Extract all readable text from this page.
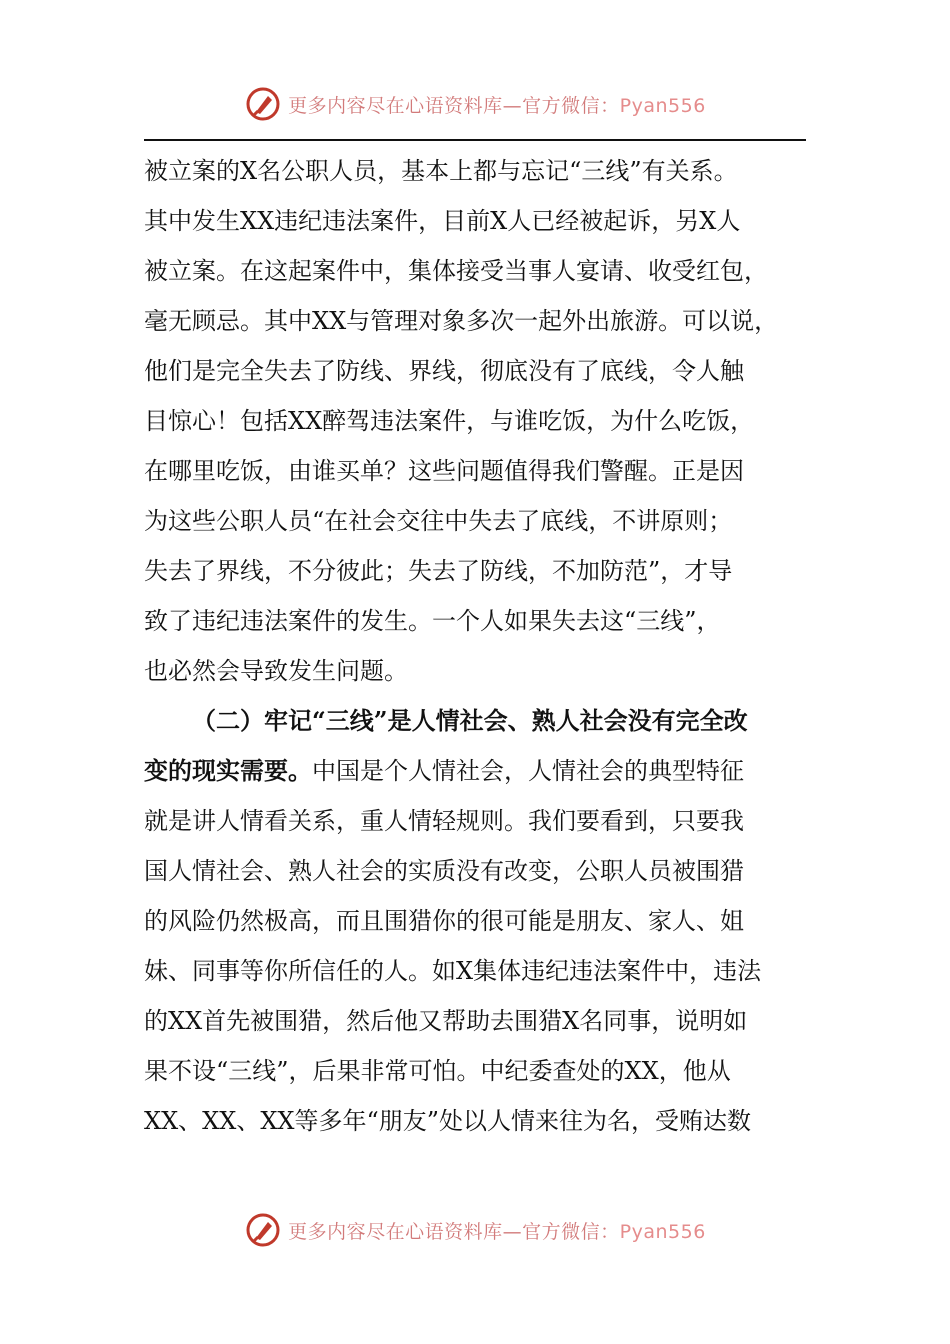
更多内容尽在心语资料库—官方微信：Pyan556
被立案的X名公职人员，基本上都与忘记“三线”有关系。
其中发生XX违纪违法案件，目前X人已经被起诉，另X人
被立案。在这起案件中，集体接受当事人宴请、收受红包，
毫无顾忌。其中XX与管理对象多次一起外出旅游。可以说，
他们是完全失去了防线、界线，彻底没有了底线，令人触
目惊心！包括XX醉驾违法案件，与谁吃饭，为什么吃饭，
在哪里吃饭，由谁买单？这些问题值得我们警醒。正是因
为这些公职人员“在社会交往中失去了底线，不讲原则；
失去了界线，不分彼此；失去了防线，不加防范”，才导
致了违纪违法案件的发生。一个人如果失去这“三线”，
也必然会导致发生问题。
（二）牢记“三线”是人情社会、熟人社会没有完全改
变的现实需要。中国是个人情社会，人情社会的典型特征
就是讲人情看关系，重人情轻规则。我们要看到，只要我
国人情社会、熟人社会的实质没有改变，公职人员被围猎
的风险仍然极高，而且围猎你的很可能是朋友、家人、姐
妹、同事等你所信任的人。如X集体违纪违法案件中，违法
的XX首先被围猎，然后他又帮助去围猎X名同事，说明如
果不设“三线”，后果非常可怕。中纪委查处的XX，他从
XX、XX、XX等多年“朋友”处以人情来往为名，受贿达数
更多内容尽在心语资料库—官方微信：Pyan556
